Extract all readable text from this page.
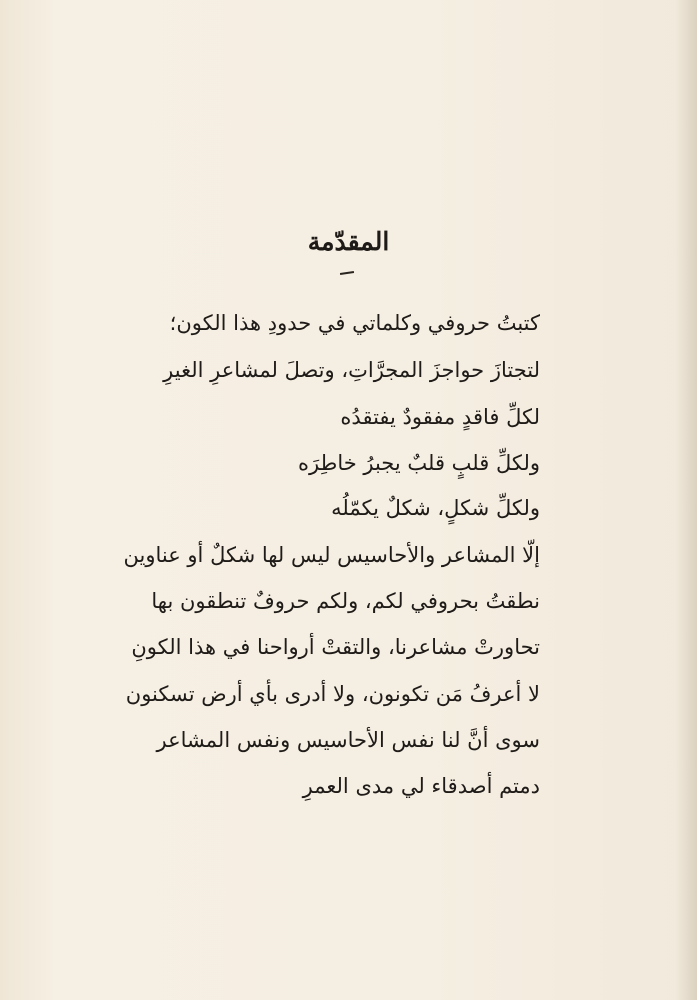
المقدّمة
كتبتُ حروفي وكلماتي في حدودِ هذا الكون؛
لتجتازَ حواجزَ المجرَّاتِ، وتصلَ لمشاعرِ الغيرِ
لكلِّ فاقدٍ مفقودٌ يفتقدُه
ولكلِّ قلبٍ قلبٌ يجبرُ خاطِرَه
ولكلِّ شكلٍ، شكلٌ يكمّلُه
إلّا المشاعر والأحاسيس ليس لها شكلٌ أو عناوين
نطقتُ بحروفي لكم، ولكم حروفٌ تنطقون بها
تحاورتْ مشاعرنا، والتقتْ أرواحنا في هذا الكونِ
لا أعرفُ مَن تكونون، ولا أدرى بأي أرض تسكنون
سوى أنَّ لنا نفس الأحاسيس ونفس المشاعر
دمتم أصدقاء لي مدى العمرِ
